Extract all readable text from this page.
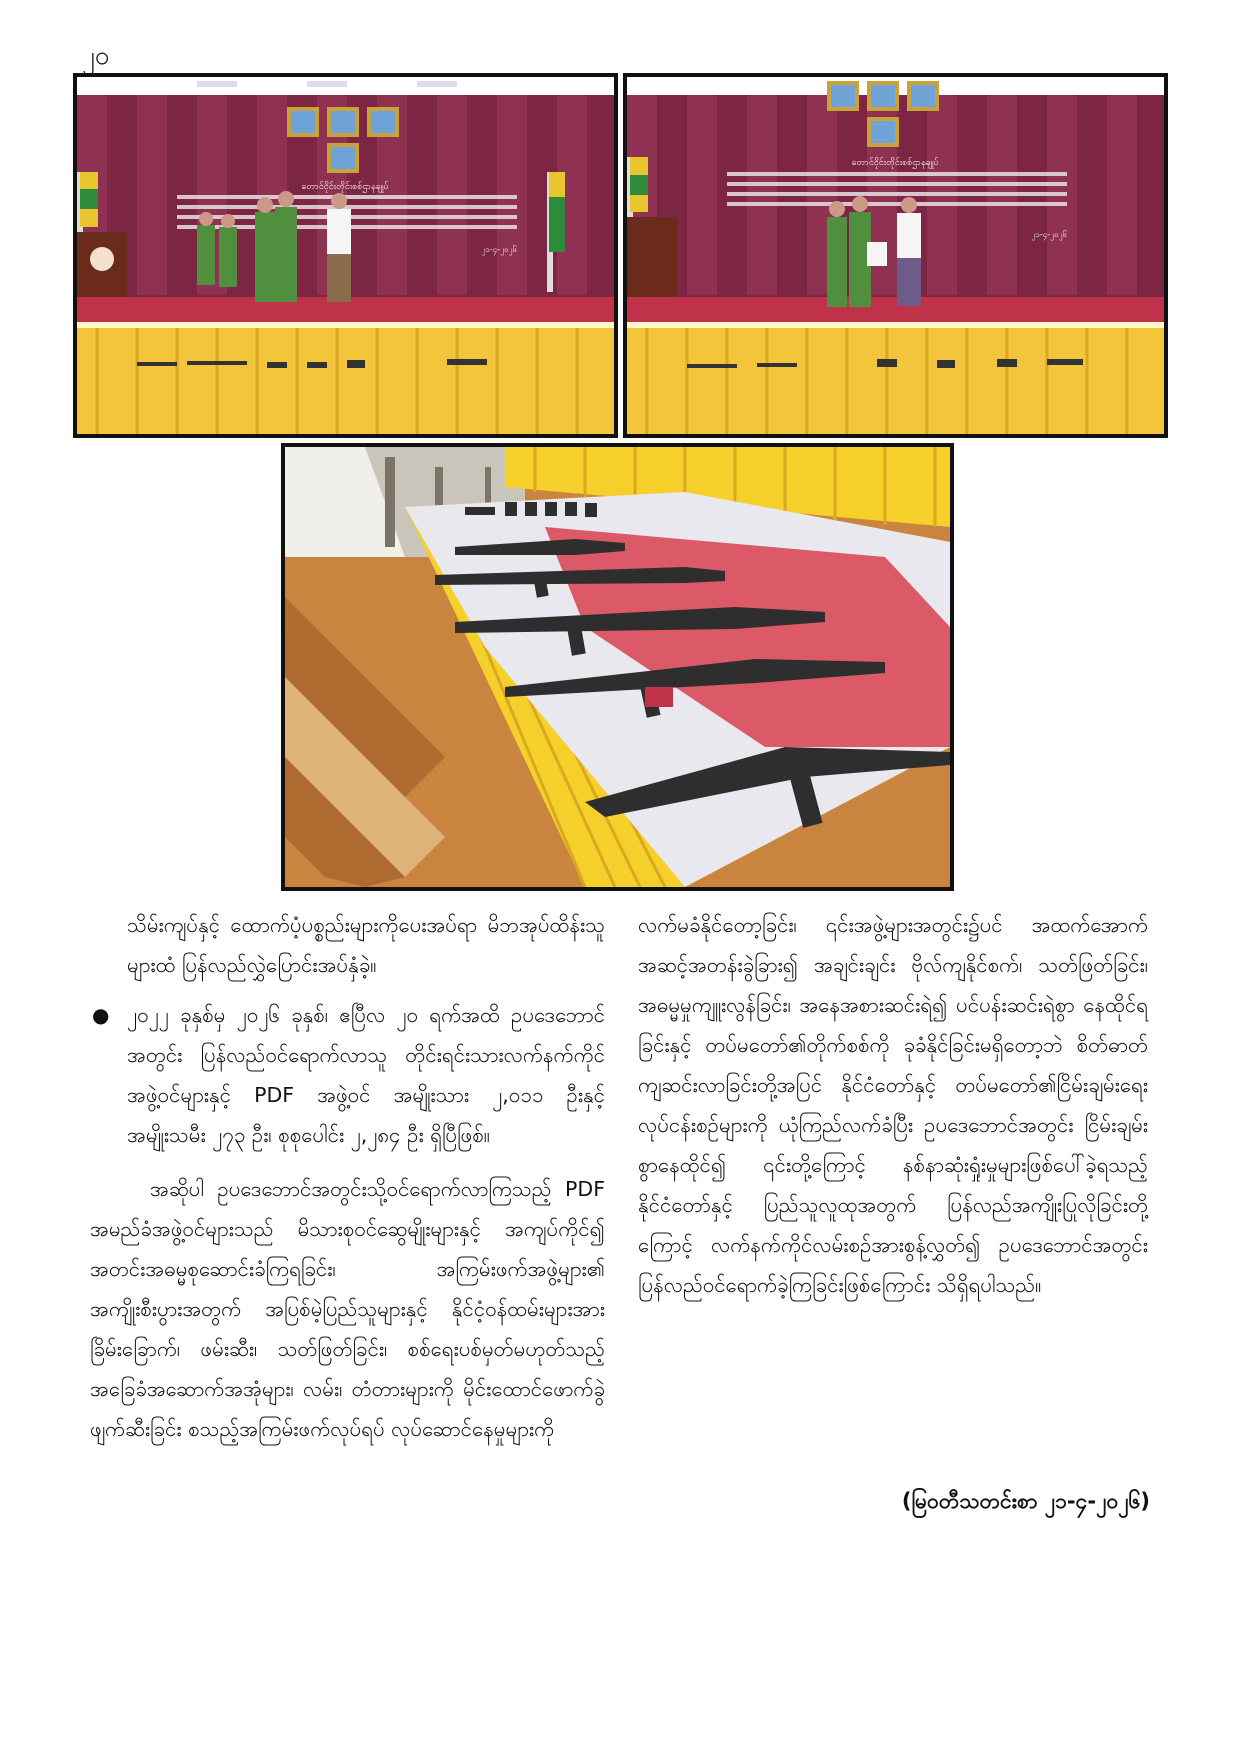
၂၀
တောင်ငိုင်းတိုင်းစစ်ဌာနချုပ်
၂၁-၄-၂၀၂၆
တောင်ငိုင်းတိုင်းစစ်ဌာနချုပ်
၂၁-၄-၂၀၂၆

သိမ်းကျပ်နှင့် ထောက်ပံ့ပစ္စည်းများကိုပေးအပ်ရာ မိဘအုပ်ထိန်းသူများထံ ပြန်လည်လွှဲပြောင်းအပ်နှံခဲ့။

● ၂၀၂၂ ခုနှစ်မှ ၂၀၂၆ ခုနှစ်၊ ဧပြီလ ၂၀ ရက်အထိ ဥပဒေဘောင်အတွင်း ပြန်လည်ဝင်ရောက်လာသူ တိုင်းရင်းသားလက်နက်ကိုင်အဖွဲ့ဝင်များနှင့် PDF အဖွဲ့ဝင် အမျိုးသား ၂,၀၁၁ ဦးနှင့် အမျိုးသမီး ၂၇၃ ဦး၊ စုစုပေါင်း ၂,၂၈၄ ဦး ရှိပြီဖြစ်။

အဆိုပါ ဥပဒေဘောင်အတွင်းသို့ဝင်ရောက်လာကြသည့် PDF အမည်ခံအဖွဲ့ဝင်များသည် မိသားစုဝင်ဆွေမျိုးများနှင့် အကျပ်ကိုင်၍ အတင်းအဓမ္မစုဆောင်းခံကြရခြင်း၊ အကြမ်းဖက်အဖွဲ့များ၏ အကျိုးစီးပွားအတွက် အပြစ်မဲ့ပြည်သူများနှင့် နိုင်ငံ့ဝန်ထမ်းများအား ခြိမ်းခြောက်၊ ဖမ်းဆီး၊ သတ်ဖြတ်ခြင်း၊ စစ်ရေးပစ်မှတ်မဟုတ်သည့် အခြေခံအဆောက်အအုံများ၊ လမ်း၊ တံတားများကို မိုင်းထောင်ဖောက်ခွဲဖျက်ဆီးခြင်း စသည့်အကြမ်းဖက်လုပ်ရပ် လုပ်ဆောင်နေမှုများကို

လက်မခံနိုင်တော့ခြင်း၊ ၎င်းအဖွဲ့များအတွင်း၌ပင် အထက်အောက် အဆင့်အတန်းခွဲခြား၍ အချင်းချင်း ဗိုလ်ကျနိုင်စက်၊ သတ်ဖြတ်ခြင်း၊ အဓမ္မမှုကျူးလွန်ခြင်း၊ အနေအစားဆင်းရဲ၍ ပင်ပန်းဆင်းရဲစွာ နေထိုင်ရခြင်းနှင့် တပ်မတော်၏တိုက်စစ်ကို ခုခံနိုင်ခြင်းမရှိတော့ဘဲ စိတ်ဓာတ်ကျဆင်းလာခြင်းတို့အပြင် နိုင်ငံတော်နှင့် တပ်မတော်၏ငြိမ်းချမ်းရေးလုပ်ငန်းစဉ်များကို ယုံကြည်လက်ခံပြီး ဥပဒေဘောင်အတွင်း ငြိမ်းချမ်းစွာနေထိုင်၍ ၎င်းတို့ကြောင့် နစ်နာဆုံးရှုံးမှုများဖြစ်ပေါ်ခဲ့ရသည့် နိုင်ငံတော်နှင့် ပြည်သူလူထုအတွက် ပြန်လည်အကျိုးပြုလိုခြင်းတို့ကြောင့် လက်နက်ကိုင်လမ်းစဉ်အားစွန့်လွှတ်၍ ဥပဒေဘောင်အတွင်း ပြန်လည်ဝင်ရောက်ခဲ့ကြခြင်းဖြစ်ကြောင်း သိရှိရပါသည်။

(မြဝတီသတင်းစာ ၂၁-၄-၂၀၂၆)
